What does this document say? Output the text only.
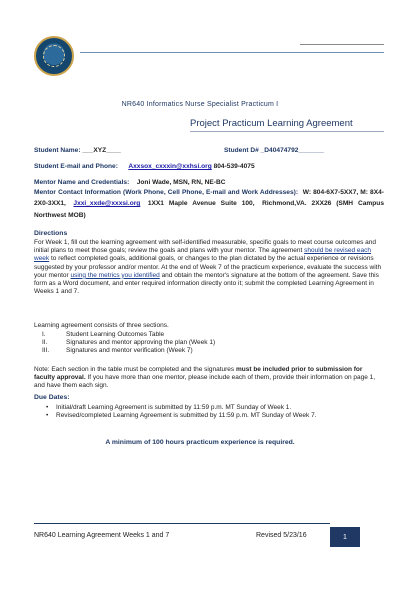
NR640 Informatics Nurse Specialist Practicum I
Project Practicum Learning Agreement
Student Name: ___XYZ____	Student D# _D40474792_______
Student E-mail and Phone: Axxsox_cxxxin@xxhsi.org 804-539-4075
Mentor Name and Credentials: Joni Wade, MSN, RN, NE-BC
Mentor Contact Information (Work Phone, Cell Phone, E-mail and Work Addresses): W: 804-6X7-5XX7, M: 8X4-2X0-3XX1, Jxxi_xxde@xxxsi.org 1XX1 Maple Avenue Suite 100, Richmond,VA. 2XX26 (SMH Campus Northwest MOB)
Directions
For Week 1, fill out the learning agreement with self-identified measurable, specific goals to meet course outcomes and initial plans to meet those goals; review the goals and plans with your mentor. The agreement should be revised each week to reflect completed goals, additional goals, or changes to the plan dictated by the actual experience or revisions suggested by your professor and/or mentor. At the end of Week 7 of the practicum experience, evaluate the success with your mentor using the metrics you identified and obtain the mentor's signature at the bottom of the agreement. Save this form as a Word document, and enter required information directly onto it; submit the completed Learning Agreement in Weeks 1 and 7.
Learning agreement consists of three sections.
I.	Student Learning Outcomes Table
II.	Signatures and mentor approving the plan (Week 1)
III.	Signatures and mentor verification (Week 7)
Note: Each section in the table must be completed and the signatures must be included prior to submission for faculty approval. If you have more than one mentor, please include each of them, provide their information on page 1, and have them each sign.
Due Dates:
• Initial/draft Learning Agreement is submitted by 11:59 p.m. MT Sunday of Week 1.
• Revised/completed Learning Agreement is submitted by 11:59 p.m. MT Sunday of Week 7.
A minimum of 100 hours practicum experience is required.
NR640 Learning Agreement Weeks 1 and 7	Revised 5/23/16	1
